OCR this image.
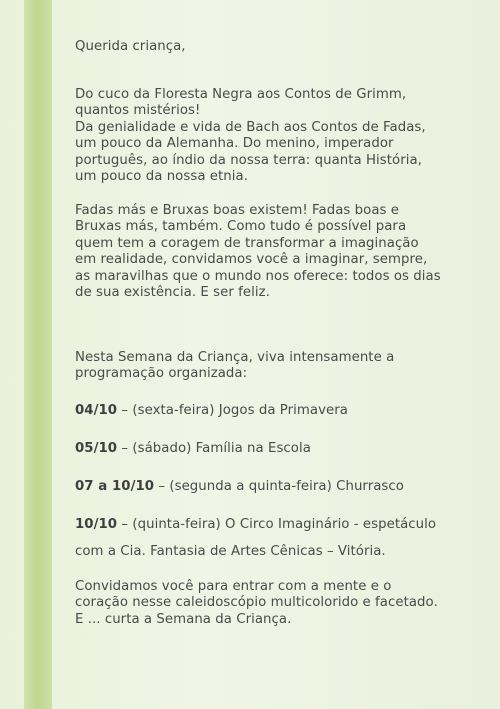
Querida criança,
Do cuco da Floresta Negra aos Contos de Grimm,
quantos mistérios!
Da genialidade e vida de Bach aos Contos de Fadas,
um pouco da Alemanha. Do menino, imperador
português, ao índio da nossa terra: quanta História,
um pouco da nossa etnia.
Fadas más e Bruxas boas existem! Fadas boas e
Bruxas más, também. Como tudo é possível para
quem tem a coragem de transformar a imaginação
em realidade, convidamos você a imaginar, sempre,
as maravilhas que o mundo nos oferece: todos os dias
de sua existência. E ser feliz.
Nesta Semana da Criança, viva intensamente a
programação organizada:
04/10 – (sexta-feira) Jogos da Primavera
05/10 – (sábado) Família na Escola
07 a 10/10 – (segunda a quinta-feira) Churrasco
10/10 – (quinta-feira) O Circo Imaginário - espetáculo
com a Cia. Fantasia de Artes Cênicas – Vitória.
Convidamos você para entrar com a mente e o
coração nesse caleidoscópio multicolorido e facetado.
E ... curta a Semana da Criança.
